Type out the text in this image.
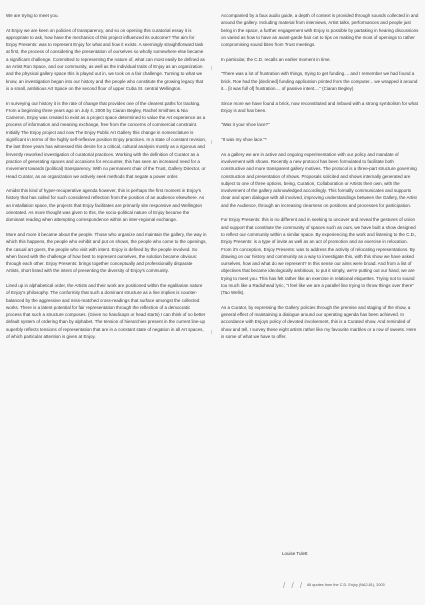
We are trying to meet you.

At Enjoy we are keen on policies of transparency, and so on opening this curatorial essay it is appropriate to ask, how have the mechanics of this project influenced its outcome? The aim for Enjoy Presents: was to represent Enjoy for what and how it exists. A seemingly straightforward task at first, the process of considering the presentation of ourselves so wholly somewhere else became a significant challenge. Committed to representing the nature of, what can most easily be defined as an Artist Run Space, and our community, as well as the individual traits of Enjoy as an organization and the physical gallery space this is played out in, we took on a fair challenge. Turning to what we know, an investigation began into our history and the people who constitute the growing legacy that is a small, ambitious Art Space on the second floor of upper Cuba St. central Wellington.

In surveying our history it is the rate of change that provides one of the clearest paths for tracking. From a beginning three years ago on July 4, 2000 by Ciaran Begley, Rachel Smithies & Nia Cameron, Enjoy was created to exist as a project space determined to value the Art experience as a process of information and meaning exchange, free from the concerns of commercial constraint. Initially The Enjoy project and now The Enjoy Public Art Gallery this change in nomenclature is significant in terms of the highly self-reflexive position Enjoy practices. In a state of constant revision, the last three years has witnessed this desire for a critical, cultural analysis mostly as a rigorous and fervently reworked investigation of curatorial practices. Working with the definition of Curator as a practice of generating spaces and occasions for encounter, this has seen an increased need for a movement towards (political) transparency. With no permanent chair of the Trust, Gallery Director, or Head Curator, as an organization we actively seek methods that negate a power order.

Amidst this kind of hyper-recuperative agenda however, this is perhaps the first moment in Enjoy's history that has called for such considered reflection from the position of an audience elsewhere. As an installation space, the projects that Enjoy facilitates are primarily site responsive and Wellington orientated. As more thought was given to this, the socio-political nature of Enjoy became the dominant reading when attempting correspondence within an inter-regional exchange.

More and more it became about the people. Those who organize and maintain the gallery, the way in which this happens, the people who exhibit and put on shows, the people who come to the openings, the casual art goers, the people who visit with intent. Enjoy is defined by the people involved. So when faced with the challenge of how best to represent ourselves, the solution became obvious: through each other. Enjoy Presents: brings together conceptually and professionally disparate Artists, short listed with the intent of presenting the diversity of Enjoy's community.

Lined up in alphabetical order, the Artists and their work are positioned within the egalitarian nature of Enjoy's philosophy. The conformity that such a dominant structure as a line implies is counter-balanced by the aggressive and miss-matched cross-readings that surface amongst the collected works. There is a latent potential for fair representation through the reflection of a democratic process that such a structure composes. (Given no handicaps or head starts) I can think of no better default system of ordering than by alphabet. The tension of hierarchies present in the current line-up superbly reflects tensions of representation that are in a constant state of negation in all Art spaces, of which particular attention is given at Enjoy.

Accompanied by a faux audio guide, a depth of context is provided through sounds collected in and around the gallery. Including material from interviews, Artist talks, performances and people just being in the space, a further engagement with Enjoy is possible by partaking in hearing discussions on varied as how to have an avant-garde hair cut to tips on making the most of openings to rather compromising sound bites from Trust meetings.

In particular, the C.D. recalls an earlier moment in time.

"There was a lot of frustration with things, trying to get funding.... and I remember we had found a brick. Roe had the [declined] funding application printed from the computer... we wrapped it around it... [it was full of] frustration.... of passive intent...." (Ciaran Begley)

Since more we have found a brick, now reconstituted and imbued with a strong symbolism for what Enjoy is and has been.

"Was it your shoe lace?"

"It was my shoe lace."*

As a gallery we are in active and ongoing experimentation with our policy and mandate of involvement with shows. Recently a new protocol has been formulated to facilitate both constructive and more transparent gallery motives. The protocol is a three-part structure governing construction and presentation of shows. Proposals solicited and shows internally generated are subject to one of three options, being, Curation, Collaboration or Artists their own, with the involvement of the gallery acknowledged accordingly. This formally communicates and supports clear and open dialogue with all involved, improving understandings between the Gallery, the Artist and the Audience, through an increasing clearness on positions and processes for participation.

For Enjoy Presents: this is no different and in seeking to uncover and reveal the gestures of union and support that constitute the community of spaces such as ours, we have built a show designed to reflect our community within a similar space. By experiencing the work and listening to the C.D., Enjoy Presents: is a type of invite as well as an act of promotion and an exercise in relocation. From it's conception, Enjoy Presents: was to address the activity of relocating representations. By drawing on our history and community as a way to investigate this, with this show we have asked ourselves, how and what do we represent? In this sense our aims were broad. And from a list of objectives that became ideologically ambitious, to put it simply, we're putting out our hand, we are trying to meet you. This has felt rather like an exercise in relational etiquettes. Trying not to sound too much like a Radiohead lyric, "I feel like we are a parallel line trying to throw things over there" (Tao Wells).

As a Curator, by expressing the Gallery policies through the premise and staging of the show, a general effect of maintaining a dialogue around our operating agenda has been achieved. In accordance with Enjoys policy of devoted involvement, this is a Curated show. And reminded of show and tell, I survey these eight artists rather like my favourite marbles or a row of sweets. Here is some of what we have to offer.

Louise Tulett
/ / / All quotes from the C.D. Enjoy (NA2.81), 2003
